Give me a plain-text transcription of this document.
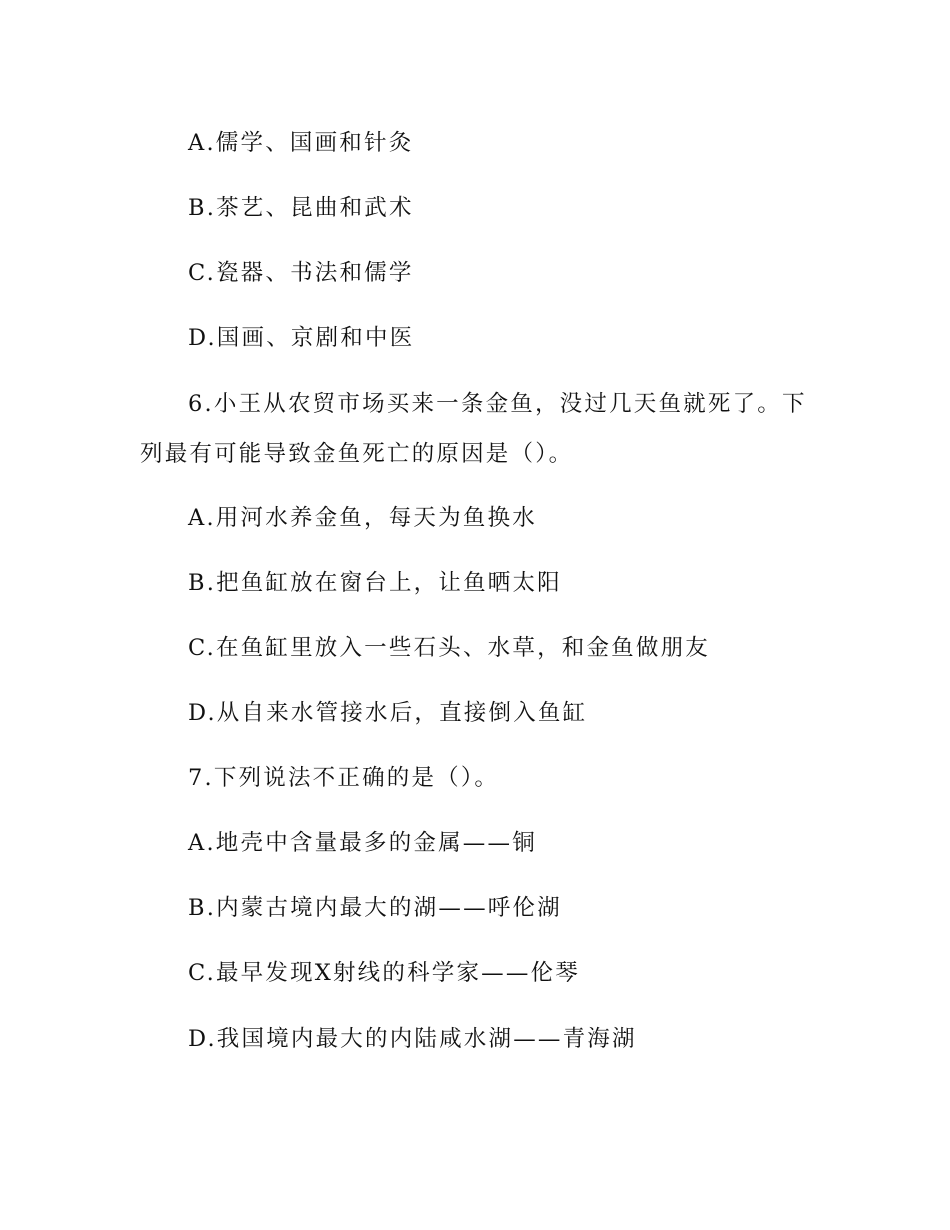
A.儒学、国画和针灸
B.茶艺、昆曲和武术
C.瓷器、书法和儒学
D.国画、京剧和中医
6.小王从农贸市场买来一条金鱼，没过几天鱼就死了。下
列最有可能导致金鱼死亡的原因是（）。
A.用河水养金鱼，每天为鱼换水
B.把鱼缸放在窗台上，让鱼晒太阳
C.在鱼缸里放入一些石头、水草，和金鱼做朋友
D.从自来水管接水后，直接倒入鱼缸
7.下列说法不正确的是（）。
A.地壳中含量最多的金属——铜
B.内蒙古境内最大的湖——呼伦湖
C.最早发现X射线的科学家——伦琴
D.我国境内最大的内陆咸水湖——青海湖
